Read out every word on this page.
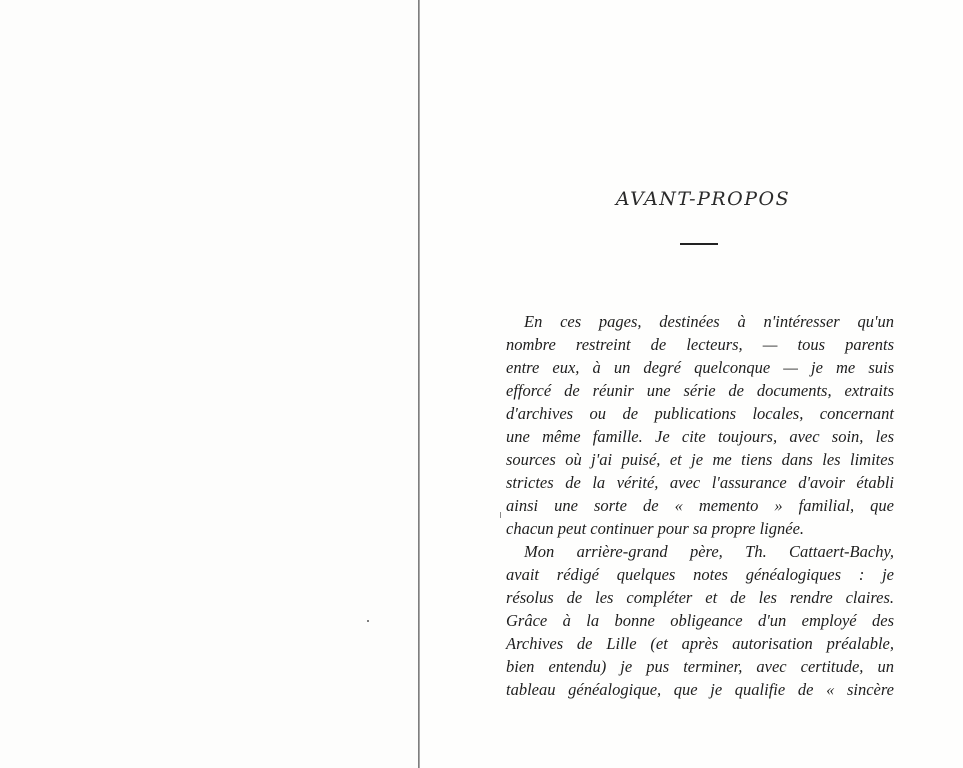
AVANT-PROPOS
En ces pages, destinées à n'intéresser qu'un
nombre restreint de lecteurs, — tous parents
entre eux, à un degré quelconque — je me suis
efforcé de réunir une série de documents, extraits
d'archives ou de publications locales, concernant
une même famille. Je cite toujours, avec soin, les
sources où j'ai puisé, et je me tiens dans les limites
strictes de la vérité, avec l'assurance d'avoir établi
ainsi une sorte de « memento » familial, que
chacun peut continuer pour sa propre lignée.
Mon arrière-grand père, Th. Cattaert-Bachy,
avait rédigé quelques notes généalogiques : je
résolus de les compléter et de les rendre claires.
Grâce à la bonne obligeance d'un employé des
Archives de Lille (et après autorisation préalable,
bien entendu) je pus terminer, avec certitude, un
tableau généalogique, que je qualifie de « sincère
